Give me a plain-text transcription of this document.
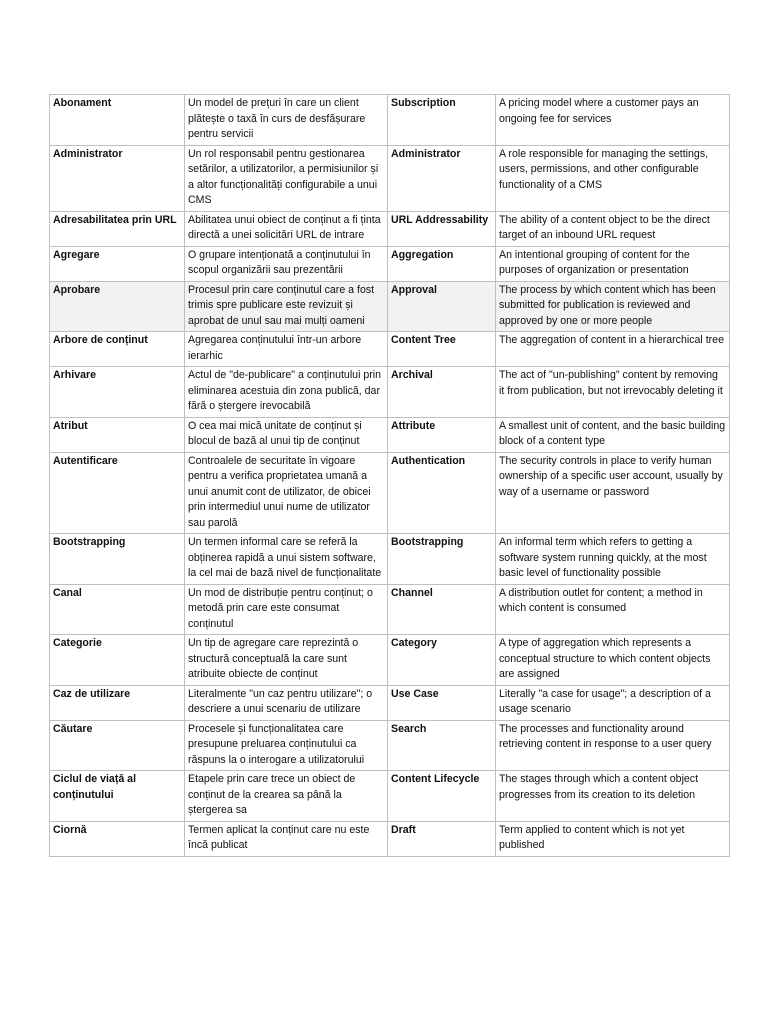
Abonament	Un model de prețuri în care un client plătește o taxă în curs de desfășurare pentru servicii	Subscription	A pricing model where a customer pays an ongoing fee for services
Administrator	Un rol responsabil pentru gestionarea setărilor, a utilizatorilor, a permisiunilor și a altor funcționalități configurabile a unui CMS	Administrator	A role responsible for managing the settings, users, permissions, and other configurable functionality of a CMS
Adresabilitatea prin URL	Abilitatea unui obiect de conținut a fi ținta directă a unei solicitări URL de intrare	URL Addressability	The ability of a content object to be the direct target of an inbound URL request
Agregare	O grupare intenționată a conținutului în scopul organizării sau prezentării	Aggregation	An intentional grouping of content for the purposes of organization or presentation
Aprobare	Procesul prin care conținutul care a fost trimis spre publicare este revizuit și aprobat de unul sau mai mulți oameni	Approval	The process by which content which has been submitted for publication is reviewed and approved by one or more people
Arbore de conținut	Agregarea conținutului într-un arbore ierarhic	Content Tree	The aggregation of content in a hierarchical tree
Arhivare	Actul de "de-publicare" a conținutului prin eliminarea acestuia din zona publică, dar fără o ștergere irevocabilă	Archival	The act of "un-publishing" content by removing it from publication, but not irrevocably deleting it
Atribut	O cea mai mică unitate de conținut și blocul de bază al unui tip de conținut	Attribute	A smallest unit of content, and the basic building block of a content type
Autentificare	Controalele de securitate în vigoare pentru a verifica proprietatea umană a unui anumit cont de utilizator, de obicei prin intermediul unui nume de utilizator sau parolă	Authentication	The security controls in place to verify human ownership of a specific user account, usually by way of a username or password
Bootstrapping	Un termen informal care se referă la obținerea rapidă a unui sistem software, la cel mai de bază nivel de funcționalitate	Bootstrapping	An informal term which refers to getting a software system running quickly, at the most basic level of functionality possible
Canal	Un mod de distribuție pentru conținut; o metodă prin care este consumat conținutul	Channel	A distribution outlet for content; a method in which content is consumed
Categorie	Un tip de agregare care reprezintă o structură conceptuală la care sunt atribuite obiecte de conținut	Category	A type of aggregation which represents a conceptual structure to which content objects are assigned
Caz de utilizare	Literalmente "un caz pentru utilizare"; o descriere a unui scenariu de utilizare	Use Case	Literally "a case for usage"; a description of a usage scenario
Căutare	Procesele și funcționalitatea care presupune preluarea conținutului ca răspuns la o interogare a utilizatorului	Search	The processes and functionality around retrieving content in response to a user query
Ciclul de viață al conținutului	Etapele prin care trece un obiect de conținut de la crearea sa până la ștergerea sa	Content Lifecycle	The stages through which a content object progresses from its creation to its deletion
Ciornă	Termen aplicat la conținut care nu este încă publicat	Draft	Term applied to content which is not yet published
